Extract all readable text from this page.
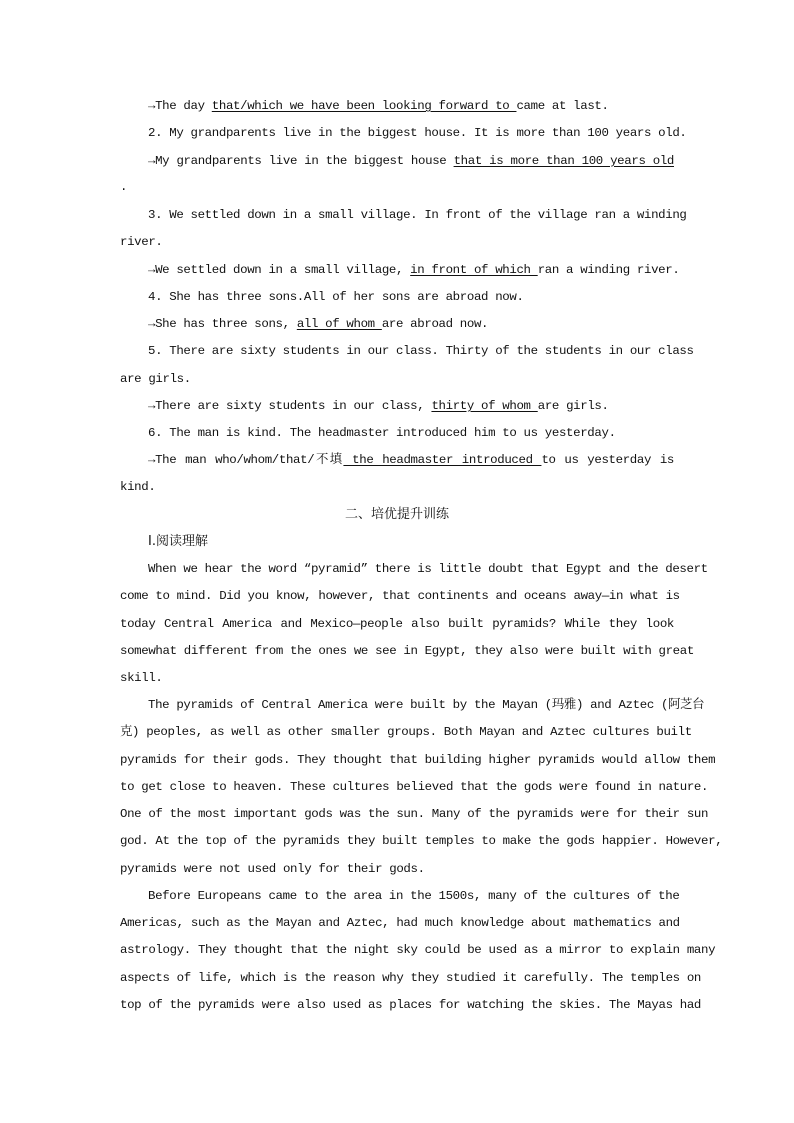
→The day that/which we have been looking forward to came at last.
2. My grandparents live in the biggest house. It is more than 100 years old.
→My grandparents live in the biggest house that is more than 100 years old
.
3. We settled down in a small village. In front of the village ran a winding
river.
→We settled down in a small village, in front of which ran a winding river.
4. She has three sons.All of her sons are abroad now.
→She has three sons, all of whom are abroad now.
5. There are sixty students in our class. Thirty of the students in our class
are girls.
→There are sixty students in our class, thirty of whom are girls.
6. The man is kind. The headmaster introduced him to us yesterday.
→The man who/whom/that/不填 the headmaster introduced to us yesterday is
kind.
二、培优提升训练
Ⅰ.阅读理解
When we hear the word “pyramid” there is little doubt that Egypt and the desert
come to mind. Did you know, however, that continents and oceans away—in what is
today Central America and Mexico—people also built pyramids? While they look
somewhat different from the ones we see in Egypt, they also were built with great
skill.
The pyramids of Central America were built by the Mayan (玛雅) and Aztec (阿芝台
克) peoples, as well as other smaller groups. Both Mayan and Aztec cultures built
pyramids for their gods. They thought that building higher pyramids would allow them
to get close to heaven. These cultures believed that the gods were found in nature.
One of the most important gods was the sun. Many of the pyramids were for their sun
god. At the top of the pyramids they built temples to make the gods happier. However,
pyramids were not used only for their gods.
Before Europeans came to the area in the 1500s, many of the cultures of the
Americas, such as the Mayan and Aztec, had much knowledge about mathematics and
astrology. They thought that the night sky could be used as a mirror to explain many
aspects of life, which is the reason why they studied it carefully. The temples on
top of the pyramids were also used as places for watching the skies. The Mayas had
